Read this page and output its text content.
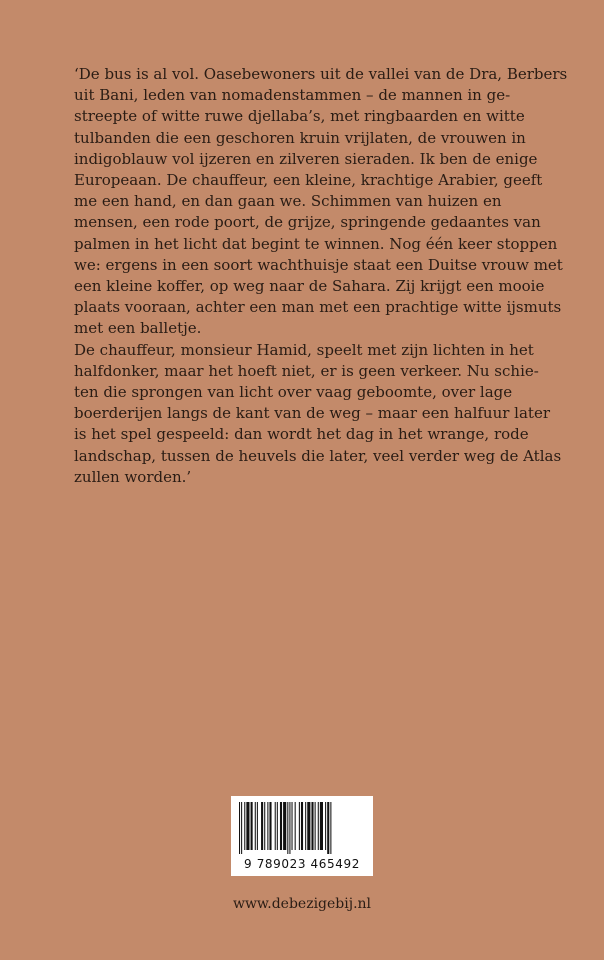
‘De bus is al vol. Oasebewoners uit de vallei van de Dra, Berbers
uit Bani, leden van nomadenstammen – de mannen in ge-
streepte of witte ruwe djellaba’s, met ringbaarden en witte
tulbanden die een geschoren kruin vrijlaten, de vrouwen in
indigoblauw vol ijzeren en zilveren sieraden. Ik ben de enige
Europeaan. De chauffeur, een kleine, krachtige Arabier, geeft
me een hand, en dan gaan we. Schimmen van huizen en
mensen, een rode poort, de grijze, springende gedaantes van
palmen in het licht dat begint te winnen. Nog één keer stoppen
we: ergens in een soort wachthuisje staat een Duitse vrouw met
een kleine koffer, op weg naar de Sahara. Zij krijgt een mooie
plaats vooraan, achter een man met een prachtige witte ijsmuts
met een balletje.
De chauffeur, monsieur Hamid, speelt met zijn lichten in het
halfdonker, maar het hoeft niet, er is geen verkeer. Nu schie-
ten die sprongen van licht over vaag geboomte, over lage
boerderijen langs de kant van de weg – maar een halfuur later
is het spel gespeeld: dan wordt het dag in het wrange, rode
landschap, tussen de heuvels die later, veel verder weg de Atlas
zullen worden.’
9 789023 465492
www.debezigebij.nl
